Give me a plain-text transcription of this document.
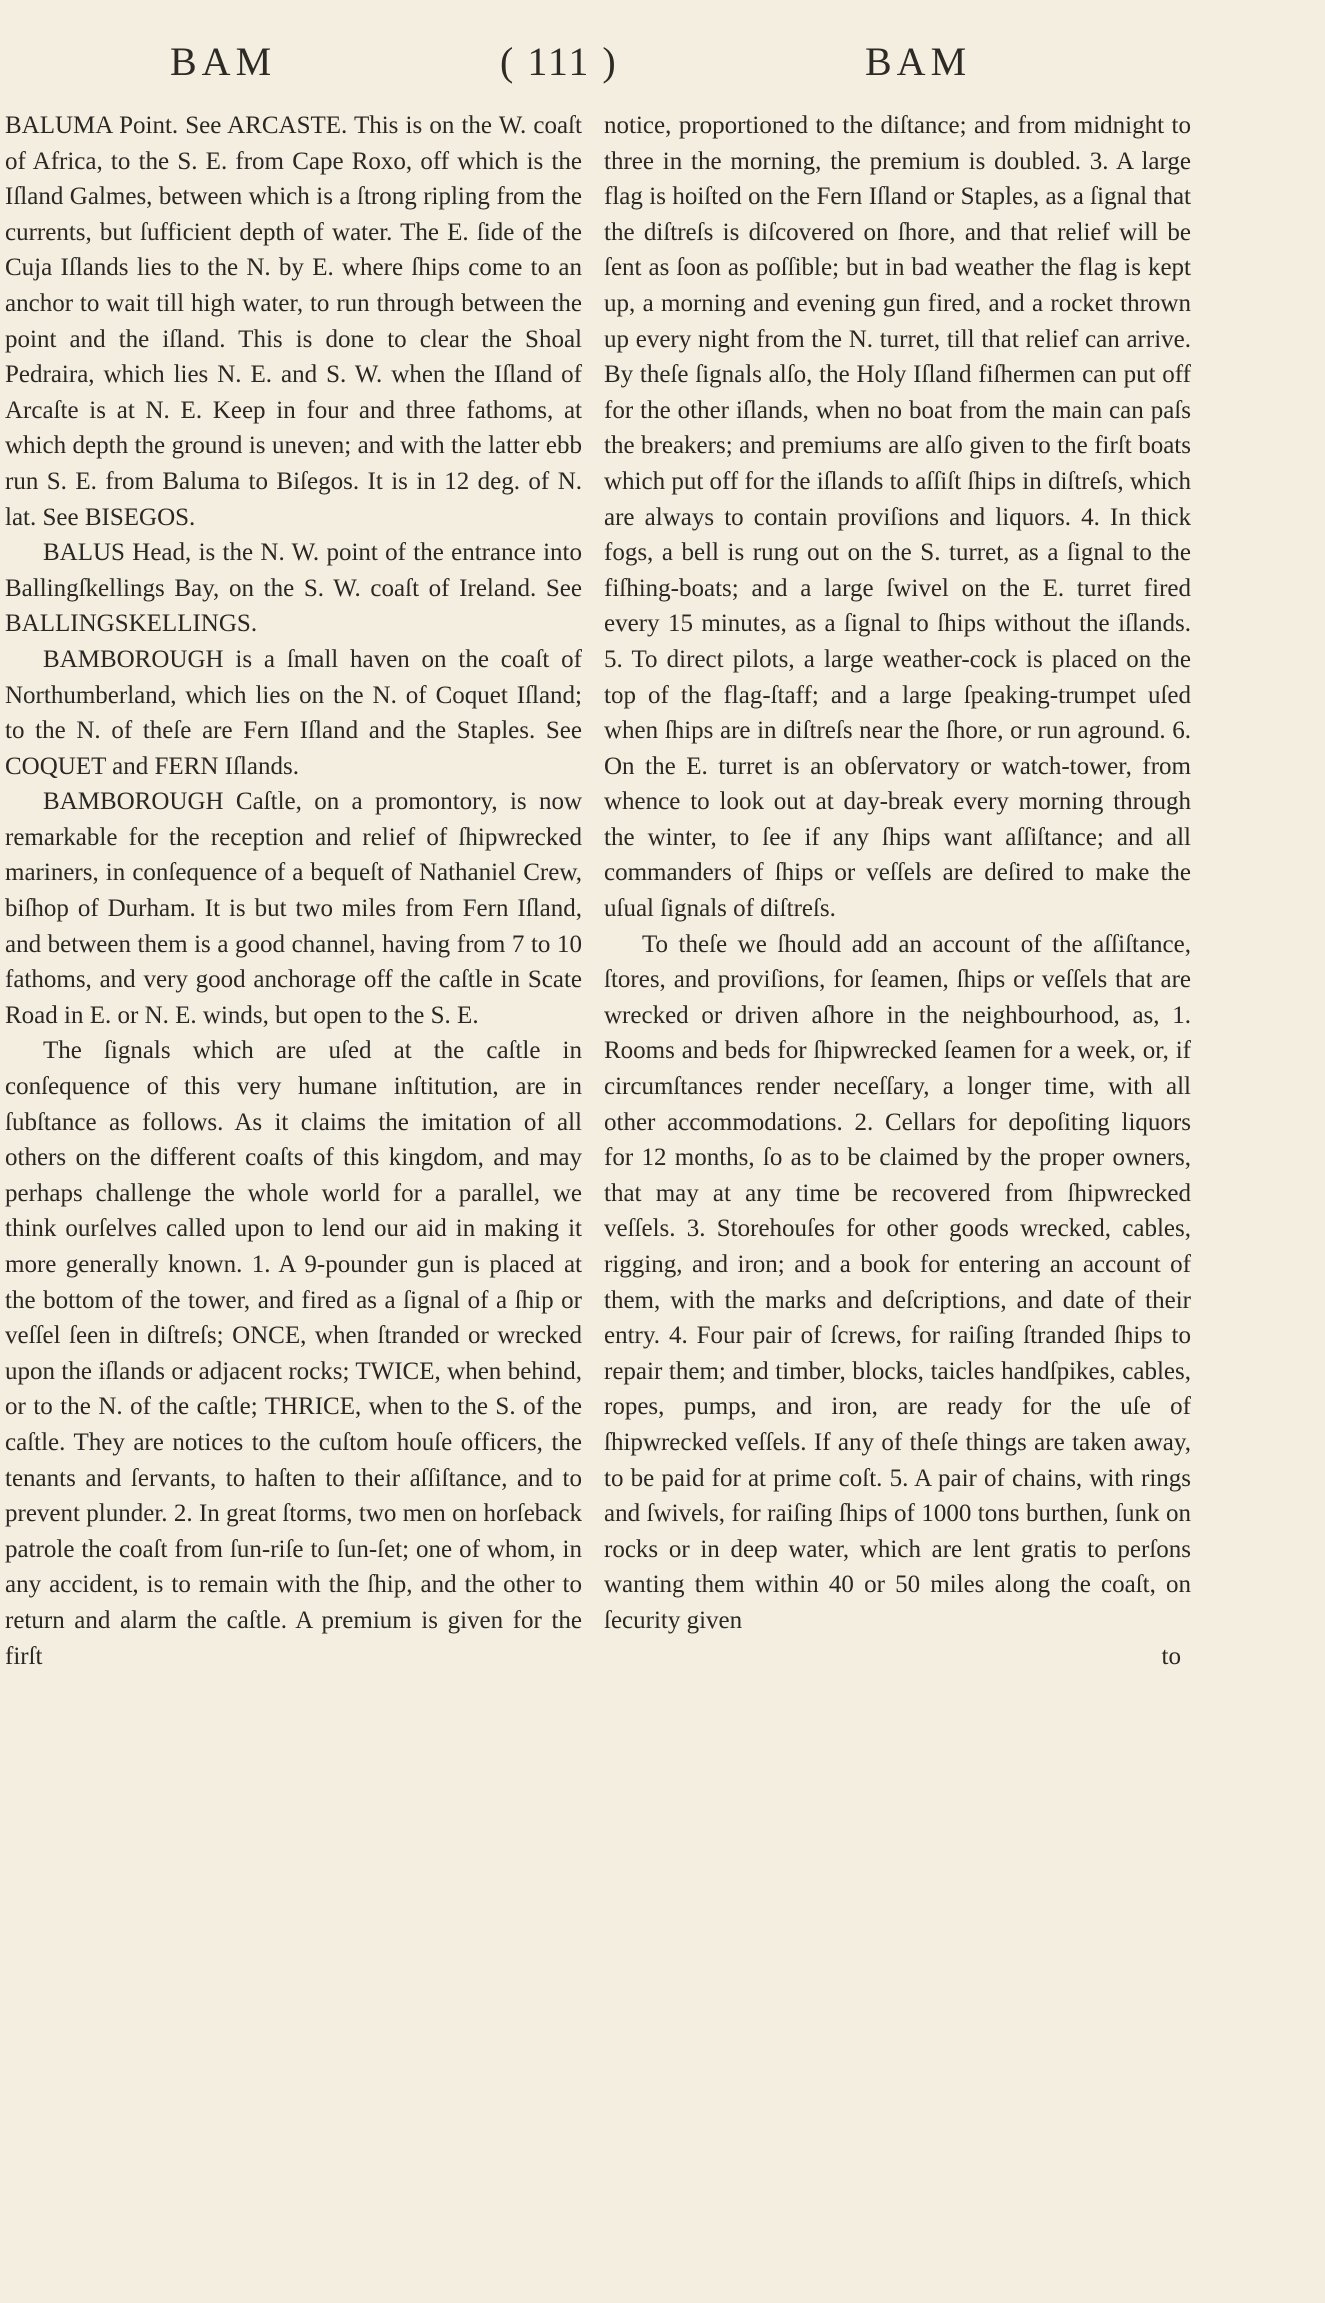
BAM	( 111 )	BAM

BALUMA Point. See ARCASTE. This is on the W. coaſt of Africa, to the S. E. from Cape Roxo, off which is the Iſland Galmes, between which is a ſtrong ripling from the currents, but ſufficient depth of water. The E. ſide of the Cuja Iſlands lies to the N. by E. where ſhips come to an anchor to wait till high water, to run through between the point and the iſland. This is done to clear the Shoal Pedraira, which lies N. E. and S. W. when the Iſland of Arcaſte is at N. E. Keep in four and three fathoms, at which depth the ground is uneven; and with the latter ebb run S. E. from Baluma to Biſegos. It is in 12 deg. of N. lat. See BISEGOS.

BALUS Head, is the N. W. point of the entrance into Ballingſkellings Bay, on the S. W. coaſt of Ireland. See BALLINGSKELLINGS.

BAMBOROUGH is a ſmall haven on the coaſt of Northumberland, which lies on the N. of Coquet Iſland; to the N. of theſe are Fern Iſland and the Staples. See COQUET and FERN Iſlands.

BAMBOROUGH Caſtle, on a promontory, is now remarkable for the reception and relief of ſhipwrecked mariners, in conſequence of a bequeſt of Nathaniel Crew, biſhop of Durham. It is but two miles from Fern Iſland, and between them is a good channel, having from 7 to 10 fathoms, and very good anchorage off the caſtle in Scate Road in E. or N. E. winds, but open to the S. E.

The ſignals which are uſed at the caſtle in conſequence of this very humane inſtitution, are in ſubſtance as follows. As it claims the imitation of all others on the different coaſts of this kingdom, and may perhaps challenge the whole world for a parallel, we think ourſelves called upon to lend our aid in making it more generally known. 1. A 9-pounder gun is placed at the bottom of the tower, and fired as a ſignal of a ſhip or veſſel ſeen in diſtreſs; ONCE, when ſtranded or wrecked upon the iſlands or adjacent rocks; TWICE, when behind, or to the N. of the caſtle; THRICE, when to the S. of the caſtle. They are notices to the cuſtom houſe officers, the tenants and ſervants, to haſten to their aſſiſtance, and to prevent plunder. 2. In great ſtorms, two men on horſeback patrole the coaſt from ſun-riſe to ſun-ſet; one of whom, in any accident, is to remain with the ſhip, and the other to return and alarm the caſtle. A premium is given for the firſt

notice, proportioned to the diſtance; and from midnight to three in the morning, the premium is doubled. 3. A large flag is hoiſted on the Fern Iſland or Staples, as a ſignal that the diſtreſs is diſcovered on ſhore, and that relief will be ſent as ſoon as poſſible; but in bad weather the flag is kept up, a morning and evening gun fired, and a rocket thrown up every night from the N. turret, till that relief can arrive. By theſe ſignals alſo, the Holy Iſland fiſhermen can put off for the other iſlands, when no boat from the main can paſs the breakers; and premiums are alſo given to the firſt boats which put off for the iſlands to aſſiſt ſhips in diſtreſs, which are always to contain proviſions and liquors. 4. In thick fogs, a bell is rung out on the S. turret, as a ſignal to the fiſhing-boats; and a large ſwivel on the E. turret fired every 15 minutes, as a ſignal to ſhips without the iſlands. 5. To direct pilots, a large weather-cock is placed on the top of the flag-ſtaff; and a large ſpeaking-trumpet uſed when ſhips are in diſtreſs near the ſhore, or run aground. 6. On the E. turret is an obſervatory or watch-tower, from whence to look out at day-break every morning through the winter, to ſee if any ſhips want aſſiſtance; and all commanders of ſhips or veſſels are deſired to make the uſual ſignals of diſtreſs.

To theſe we ſhould add an account of the aſſiſtance, ſtores, and proviſions, for ſeamen, ſhips or veſſels that are wrecked or driven aſhore in the neighbourhood, as, 1. Rooms and beds for ſhipwrecked ſeamen for a week, or, if circumſtances render neceſſary, a longer time, with all other accommodations. 2. Cellars for depoſiting liquors for 12 months, ſo as to be claimed by the proper owners, that may at any time be recovered from ſhipwrecked veſſels. 3. Storehouſes for other goods wrecked, cables, rigging, and iron; and a book for entering an account of them, with the marks and deſcriptions, and date of their entry. 4. Four pair of ſcrews, for raiſing ſtranded ſhips to repair them; and timber, blocks, taicles handſpikes, cables, ropes, pumps, and iron, are ready for the uſe of ſhipwrecked veſſels. If any of theſe things are taken away, to be paid for at prime coſt. 5. A pair of chains, with rings and ſwivels, for raiſing ſhips of 1000 tons burthen, ſunk on rocks or in deep water, which are lent gratis to perſons wanting them within 40 or 50 miles along the coaſt, on ſecurity given

to
